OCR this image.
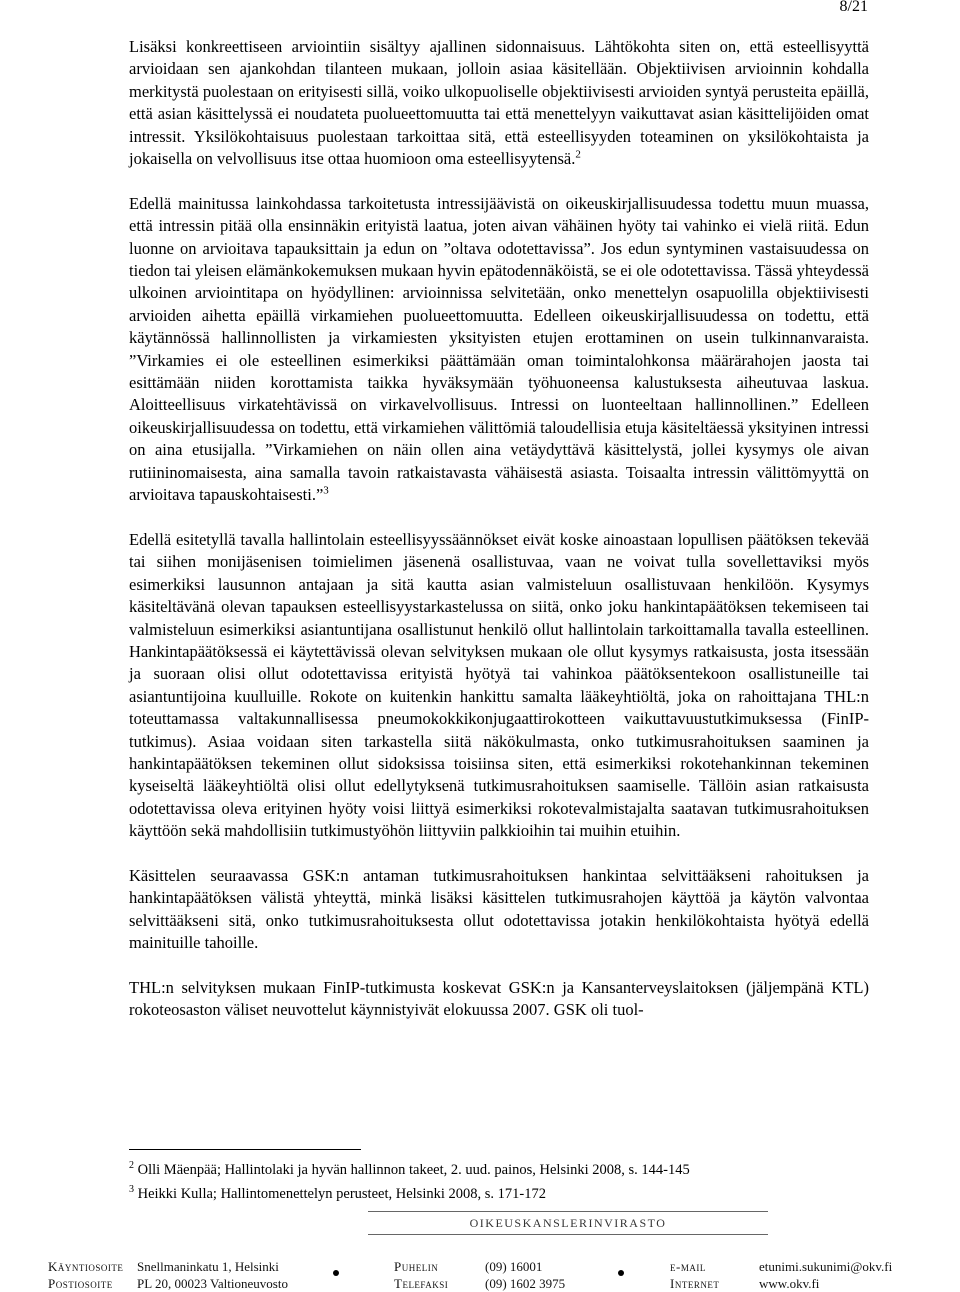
8/21

Lisäksi konkreettiseen arviointiin sisältyy ajallinen sidonnaisuus. Lähtökohta siten on, että esteellisyyttä arvioidaan sen ajankohdan tilanteen mukaan, jolloin asiaa käsitellään. Objektiivisen arvioinnin kohdalla merkitystä puolestaan on erityisesti sillä, voiko ulkopuoliselle objektiivisesti arvioiden syntyä perusteita epäillä, että asian käsittelyssä ei noudateta puolueettomuutta tai että menettelyyn vaikuttavat asian käsittelijöiden omat intressit. Yksilökohtaisuus puolestaan tarkoittaa sitä, että esteellisyyden toteaminen on yksilökohtaista ja jokaisella on velvollisuus itse ottaa huomioon oma esteellisyytensä.$^2$

Edellä mainitussa lainkohdassa tarkoitetusta intressijäävistä on oikeuskirjallisuudessa todettu muun muassa, että intressin pitää olla ensinnäkin erityistä laatua, joten aivan vähäinen hyöty tai vahinko ei vielä riitä. Edun luonne on arvioitava tapauksittain ja edun on ”oltava odotettavissa”. Jos edun syntyminen vastaisuudessa on tiedon tai yleisen elämänkokemuksen mukaan hyvin epätodennäköistä, se ei ole odotettavissa. Tässä yhteydessä ulkoinen arviointitapa on hyödyllinen: arvioinnissa selvitetään, onko menettelyn osapuolilla objektiivisesti arvioiden aihetta epäillä virkamiehen puolueettomuutta. Edelleen oikeuskirjallisuudessa on todettu, että käytännössä hallinnollisten ja virkamiesten yksityisten etujen erottaminen on usein tulkinnanvaraista. ”Virkamies ei ole esteellinen esimerkiksi päättämään oman toimintalohkonsa määrärahojen jaosta tai esittämään niiden korottamista taikka hyväksymään työhuoneensa kalustuksesta aiheutuvaa laskua. Aloitteellisuus virkatehtävissä on virkavelvollisuus. Intressi on luonteeltaan hallinnollinen.” Edelleen oikeuskirjallisuudessa on todettu, että virkamiehen välittömiä taloudellisia etuja käsiteltäessä yksityinen intressi on aina etusijalla. ”Virkamiehen on näin ollen aina vetäydyttävä käsittelystä, jollei kysymys ole aivan rutiininomaisesta, aina samalla tavoin ratkaistavasta vähäisestä asiasta. Toisaalta intressin välittömyyttä on arvioitava tapauskohtaisesti.”$^3$

Edellä esitetyllä tavalla hallintolain esteellisyyssäännökset eivät koske ainoastaan lopullisen päätöksen tekevää tai siihen monijäsenisen toimielimen jäsenenä osallistuvaa, vaan ne voivat tulla sovellettaviksi myös esimerkiksi lausunnon antajaan ja sitä kautta asian valmisteluun osallistuvaan henkilöön. Kysymys käsiteltävänä olevan tapauksen esteellisyystarkastelussa on siitä, onko joku hankintapäätöksen tekemiseen tai valmisteluun esimerkiksi asiantuntijana osallistunut henkilö ollut hallintolain tarkoittamalla tavalla esteellinen. Hankintapäätöksessä ei käytettävissä olevan selvityksen mukaan ole ollut kysymys ratkaisusta, josta itsessään ja suoraan olisi ollut odotettavissa erityistä hyötyä tai vahinkoa päätöksentekoon osallistuneille tai asiantuntijoina kuulluille. Rokote on kuitenkin hankittu samalta lääkeyhtiöltä, joka on rahoittajana THL:n toteuttamassa valtakunnallisessa pneumokokkikonjugaattirokotteen vaikuttavuustutkimuksessa (FinIP-tutkimus). Asiaa voidaan siten tarkastella siitä näkökulmasta, onko tutkimusrahoituksen saaminen ja hankintapäätöksen tekeminen ollut sidoksissa toisiinsa siten, että esimerkiksi rokotehankinnan tekeminen kyseiseltä lääkeyhtiöltä olisi ollut edellytyksenä tutkimusrahoituksen saamiselle. Tällöin asian ratkaisusta odotettavissa oleva erityinen hyöty voisi liittyä esimerkiksi rokotevalmistajalta saatavan tutkimusrahoituksen käyttöön sekä mahdollisiin tutkimustyöhön liittyviin palkkioihin tai muihin etuihin.

Käsittelen seuraavassa GSK:n antaman tutkimusrahoituksen hankintaa selvittääkseni rahoituksen ja hankintapäätöksen välistä yhteyttä, minkä lisäksi käsittelen tutkimusrahojen käyttöä ja käytön valvontaa selvittääkseni sitä, onko tutkimusrahoituksesta ollut odotettavissa jotakin henkilökohtaista hyötyä edellä mainituille tahoille.

THL:n selvityksen mukaan FinIP-tutkimusta koskevat GSK:n ja Kansanterveyslaitoksen (jäljempänä KTL) rokoteosaston väliset neuvottelut käynnistyivät elokuussa 2007. GSK oli tuol-

$^2$ Olli Mäenpää; Hallintolaki ja hyvän hallinnon takeet, 2. uud. painos, Helsinki 2008, s. 144-145
$^3$ Heikki Kulla; Hallintomenettelyn perusteet, Helsinki 2008, s. 171-172
OIKEUSKANSLERINVIRASTO
Käyntiosoite
Postiosoite
Snellmaninkatu 1, Helsinki
PL 20, 00023 Valtioneuvosto
Puhelin
Telefaksi
(09) 16001
(09) 1602 3975
e-mail
Internet
etunimi.sukunimi@okv.fi
www.okv.fi
